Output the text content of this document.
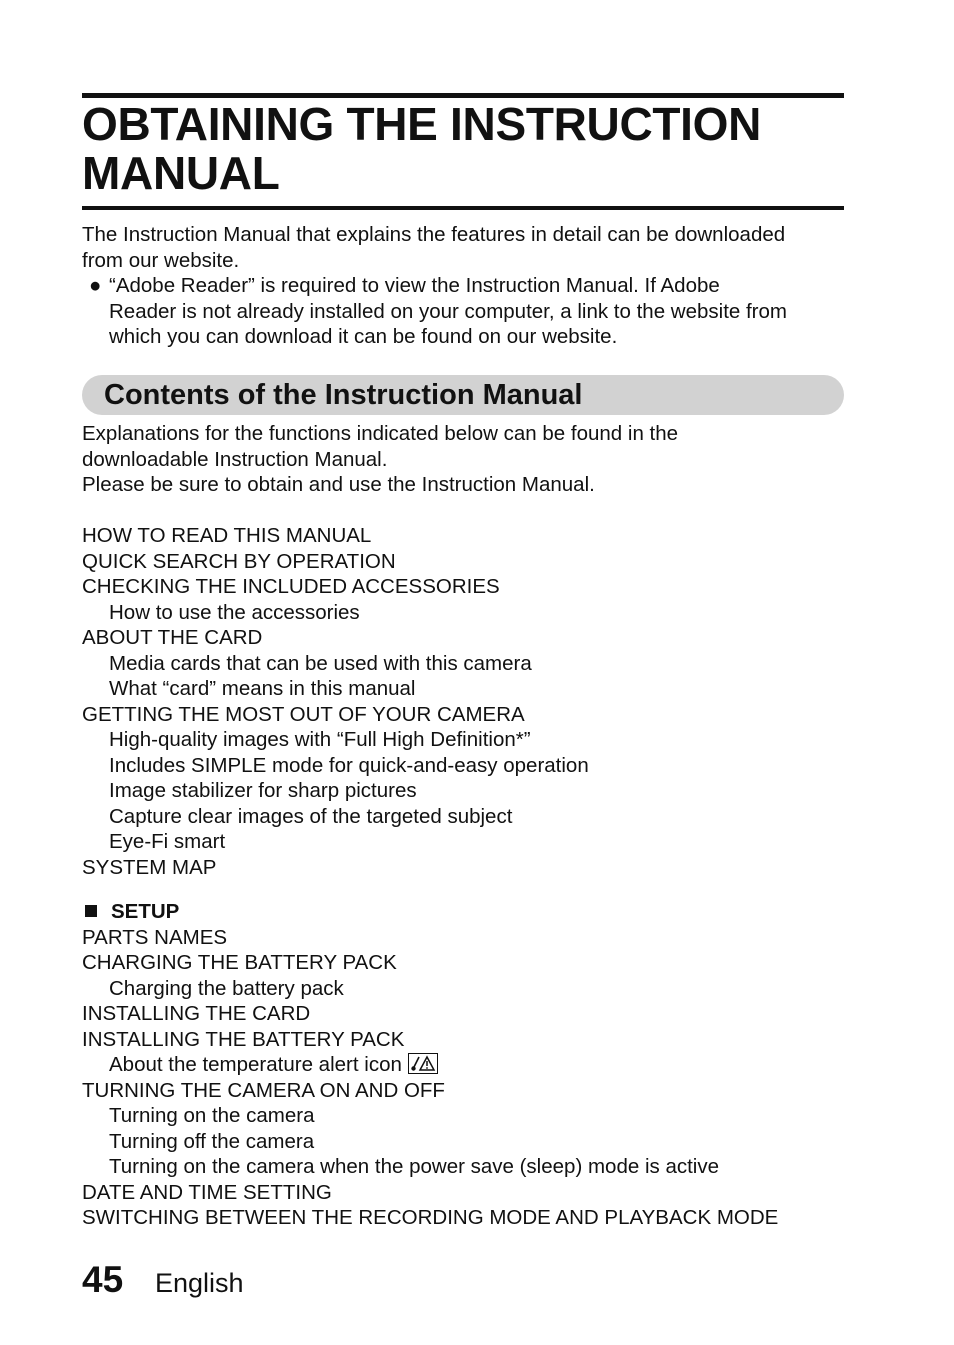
OBTAINING THE INSTRUCTION
MANUAL

The Instruction Manual that explains the features in detail can be downloaded
from our website.

● “Adobe Reader” is required to view the Instruction Manual. If Adobe
Reader is not already installed on your computer, a link to the website from
which you can download it can be found on our website.

Contents of the Instruction Manual

Explanations for the functions indicated below can be found in the
downloadable Instruction Manual.
Please be sure to obtain and use the Instruction Manual.

HOW TO READ THIS MANUAL
QUICK SEARCH BY OPERATION
CHECKING THE INCLUDED ACCESSORIES
How to use the accessories
ABOUT THE CARD
Media cards that can be used with this camera
What “card” means in this manual
GETTING THE MOST OUT OF YOUR CAMERA
High-quality images with “Full High Definition*”
Includes SIMPLE mode for quick-and-easy operation
Image stabilizer for sharp pictures
Capture clear images of the targeted subject
Eye-Fi smart
SYSTEM MAP
SETUP
PARTS NAMES
CHARGING THE BATTERY PACK
Charging the battery pack
INSTALLING THE CARD
INSTALLING THE BATTERY PACK
About the temperature alert icon
TURNING THE CAMERA ON AND OFF
Turning on the camera
Turning off the camera
Turning on the camera when the power save (sleep) mode is active
DATE AND TIME SETTING
SWITCHING BETWEEN THE RECORDING MODE AND PLAYBACK MODE
45 English
